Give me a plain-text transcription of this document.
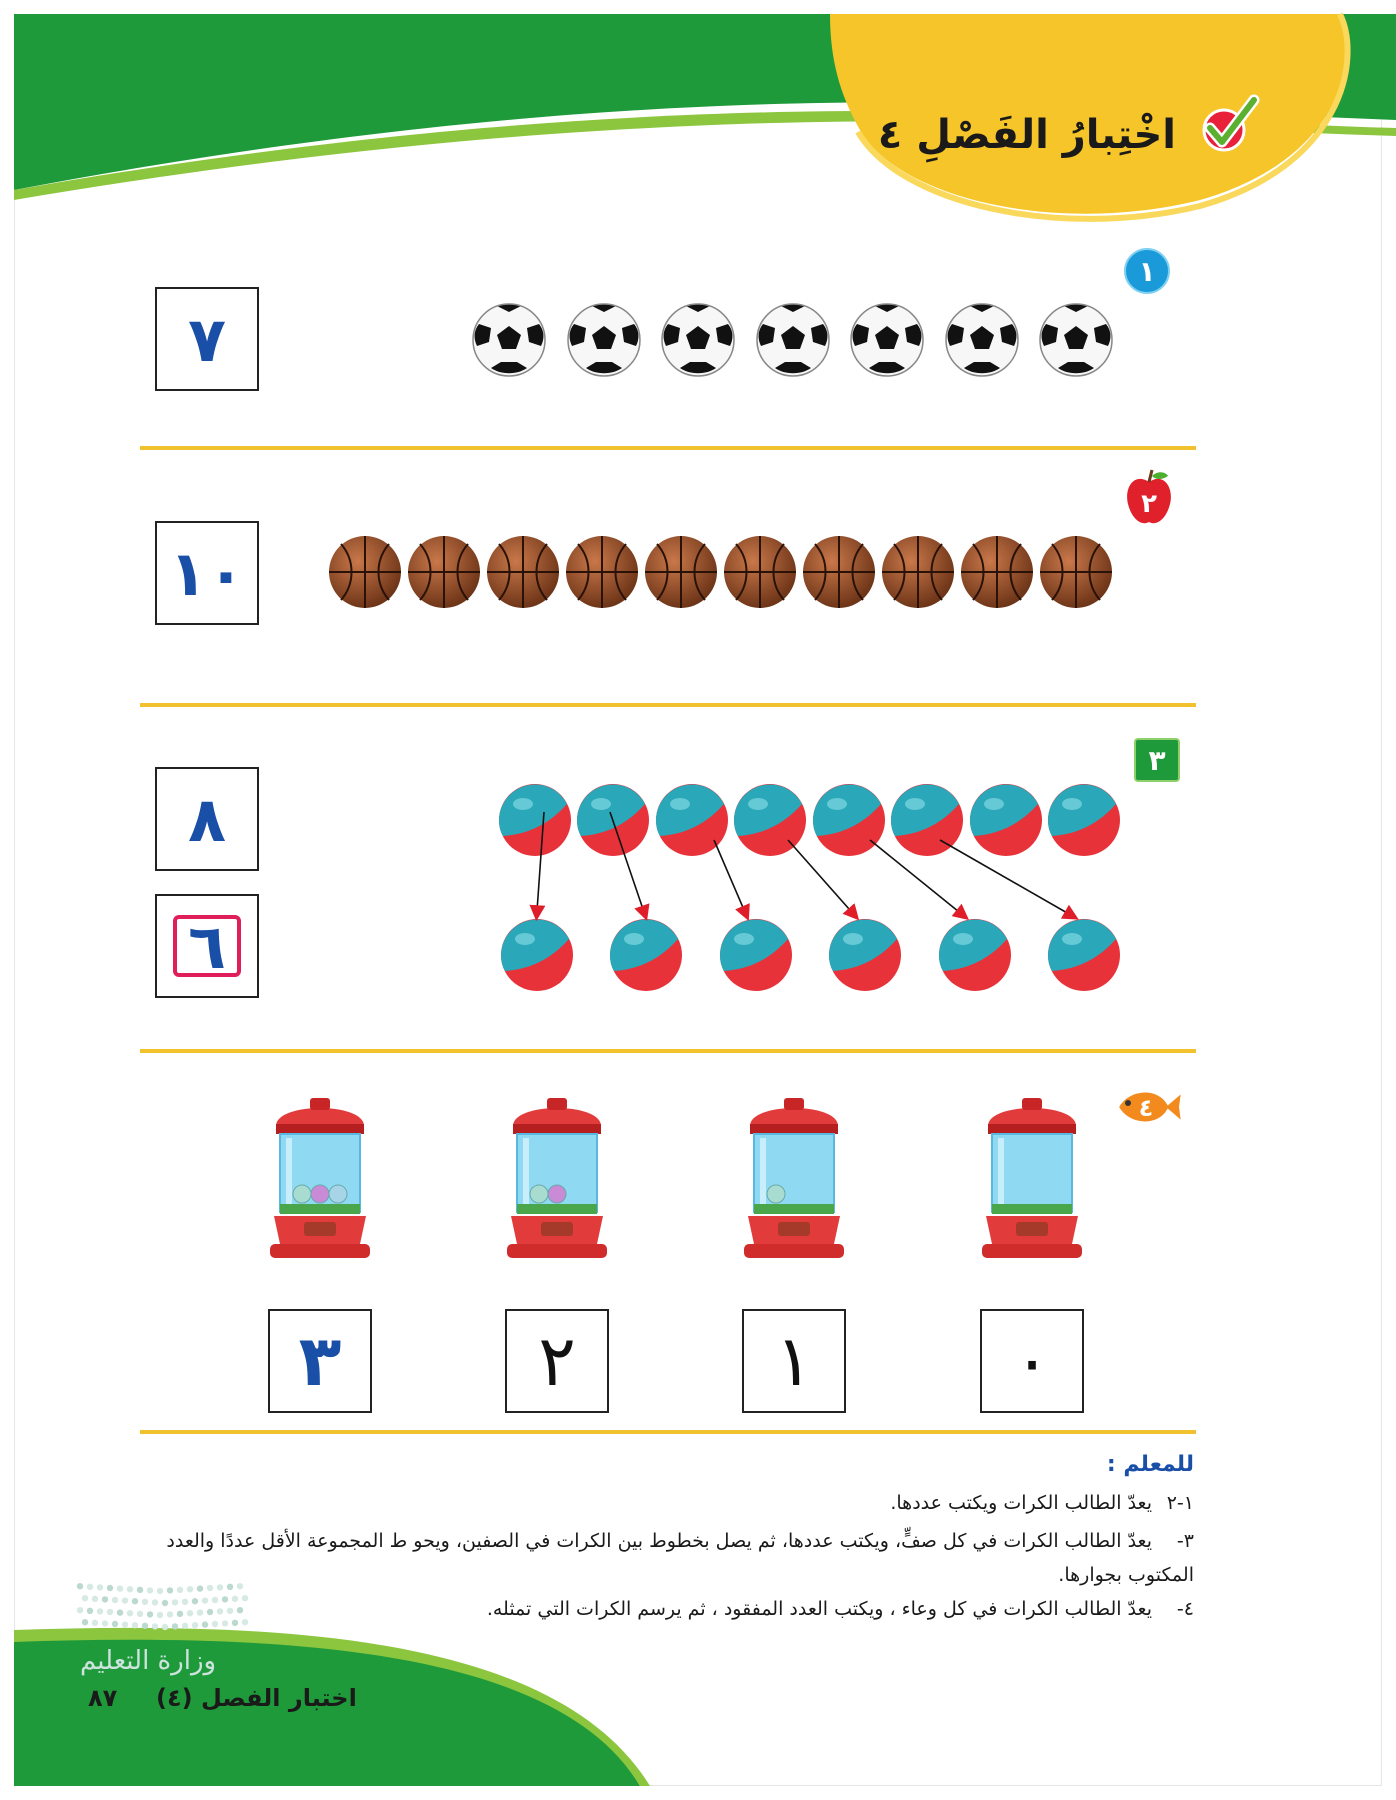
اخْتِبارُ الفَصْلِ ٤
١
٧
٢
١٠
٣
٨
٦
٤
للمعلم :
١-٢
يعدّ الطالب الكرات ويكتب عددها.
٣-
يعدّ الطالب الكرات في كل صفٍّ، ويكتب عددها، ثم يصل بخطوط بين الكرات في الصفين، ويحو ط المجموعة الأقل عددًا والعدد
المكتوب بجوارها.
٤-
يعدّ الطالب الكرات في كل وعاء ، ويكتب العدد المفقود ، ثم يرسم الكرات التي تمثله.
وزارة التعليم
اختبار الفصل (٤)
٨٧
٠
١
٢
٣
